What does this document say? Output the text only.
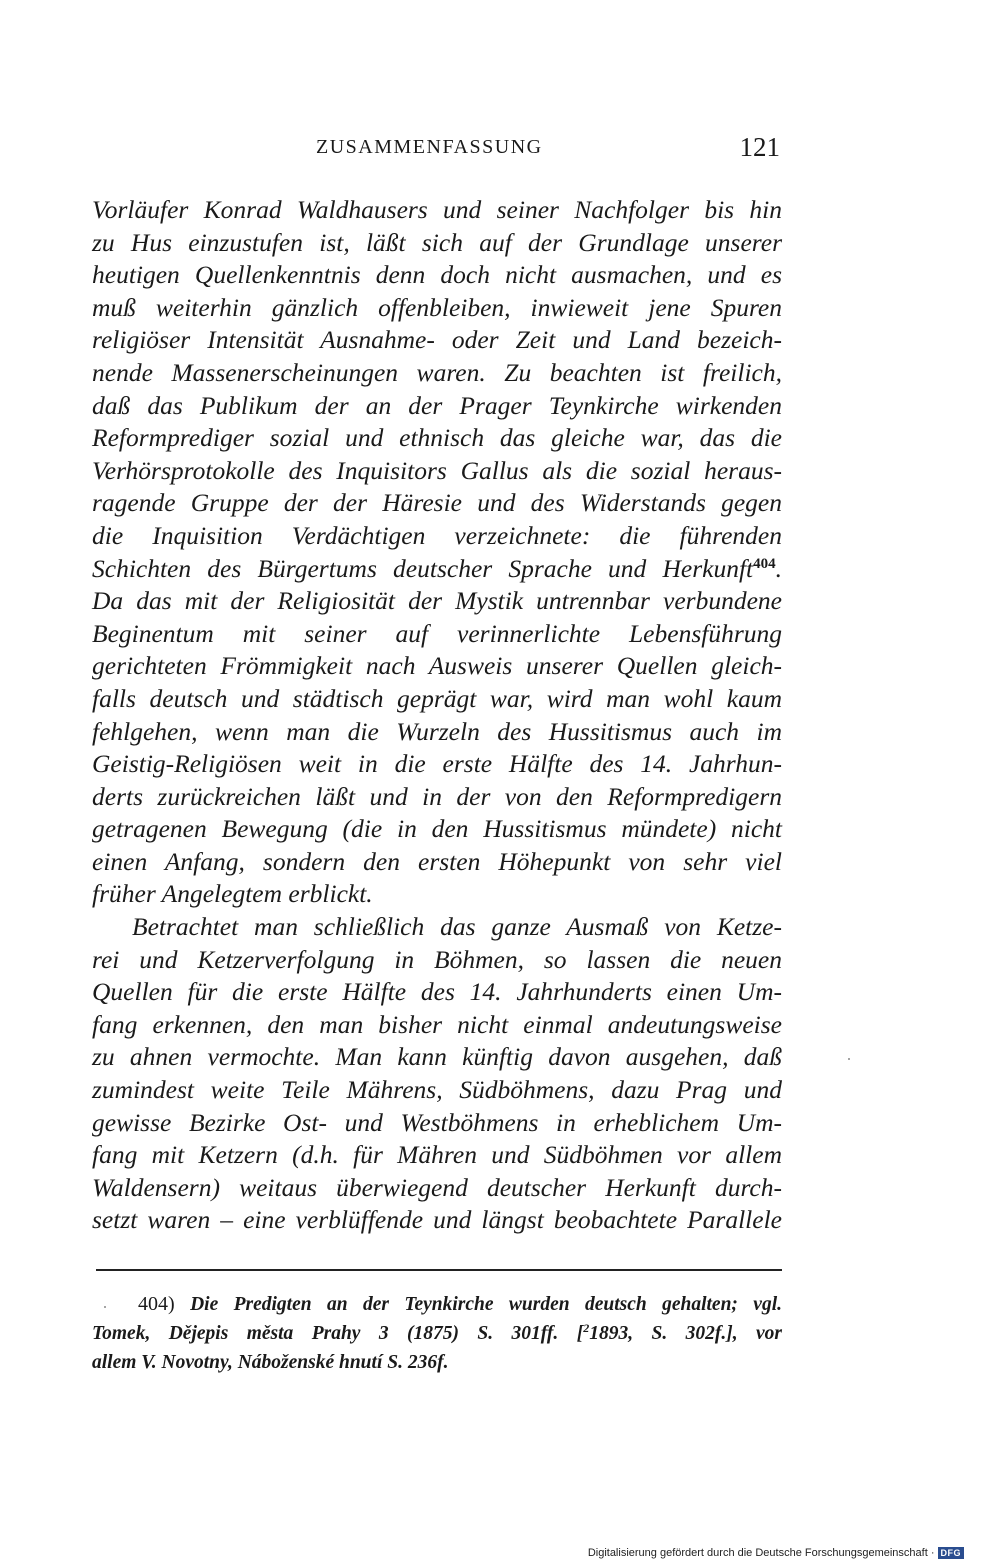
ZUSAMMENFASSUNG	121
Vorläufer Konrad Waldhausers und seiner Nachfolger bis hin
zu Hus einzustufen ist, läßt sich auf der Grundlage unserer
heutigen Quellenkenntnis denn doch nicht ausmachen, und es
muß weiterhin gänzlich offenbleiben, inwieweit jene Spuren
religiöser Intensität Ausnahme- oder Zeit und Land bezeich-
nende Massenerscheinungen waren. Zu beachten ist freilich,
daß das Publikum der an der Prager Teynkirche wirkenden
Reformprediger sozial und ethnisch das gleiche war, das die
Verhörsprotokolle des Inquisitors Gallus als die sozial heraus-
ragende Gruppe der der Häresie und des Widerstands gegen
die Inquisition Verdächtigen verzeichnete: die führenden
Schichten des Bürgertums deutscher Sprache und Herkunft$^{404}$.
Da das mit der Religiosität der Mystik untrennbar verbundene
Beginentum mit seiner auf verinnerlichte Lebensführung
gerichteten Frömmigkeit nach Ausweis unserer Quellen gleich-
falls deutsch und städtisch geprägt war, wird man wohl kaum
fehlgehen, wenn man die Wurzeln des Hussitismus auch im
Geistig-Religiösen weit in die erste Hälfte des 14. Jahrhun-
derts zurückreichen läßt und in der von den Reformpredigern
getragenen Bewegung (die in den Hussitismus mündete) nicht
einen Anfang, sondern den ersten Höhepunkt von sehr viel
früher Angelegtem erblickt.
Betrachtet man schließlich das ganze Ausmaß von Ketze-
rei und Ketzerverfolgung in Böhmen, so lassen die neuen
Quellen für die erste Hälfte des 14. Jahrhunderts einen Um-
fang erkennen, den man bisher nicht einmal andeutungsweise
zu ahnen vermochte. Man kann künftig davon ausgehen, daß
zumindest weite Teile Mährens, Südböhmens, dazu Prag und
gewisse Bezirke Ost- und Westböhmens in erheblichem Um-
fang mit Ketzern (d.h. für Mähren und Südböhmen vor allem
Waldensern) weitaus überwiegend deutscher Herkunft durch-
setzt waren – eine verblüffende und längst beobachtete Parallele
404) Die Predigten an der Teynkirche wurden deutsch gehalten; vgl.
Tomek, Dějepis města Prahy 3 (1875) S. 301ff. [$^2$1893, S. 302f.], vor
allem V. Novotny, Náboženské hnutí S. 236f.
Digitalisierung gefördert durch die Deutsche Forschungsgemeinschaft · DFG
